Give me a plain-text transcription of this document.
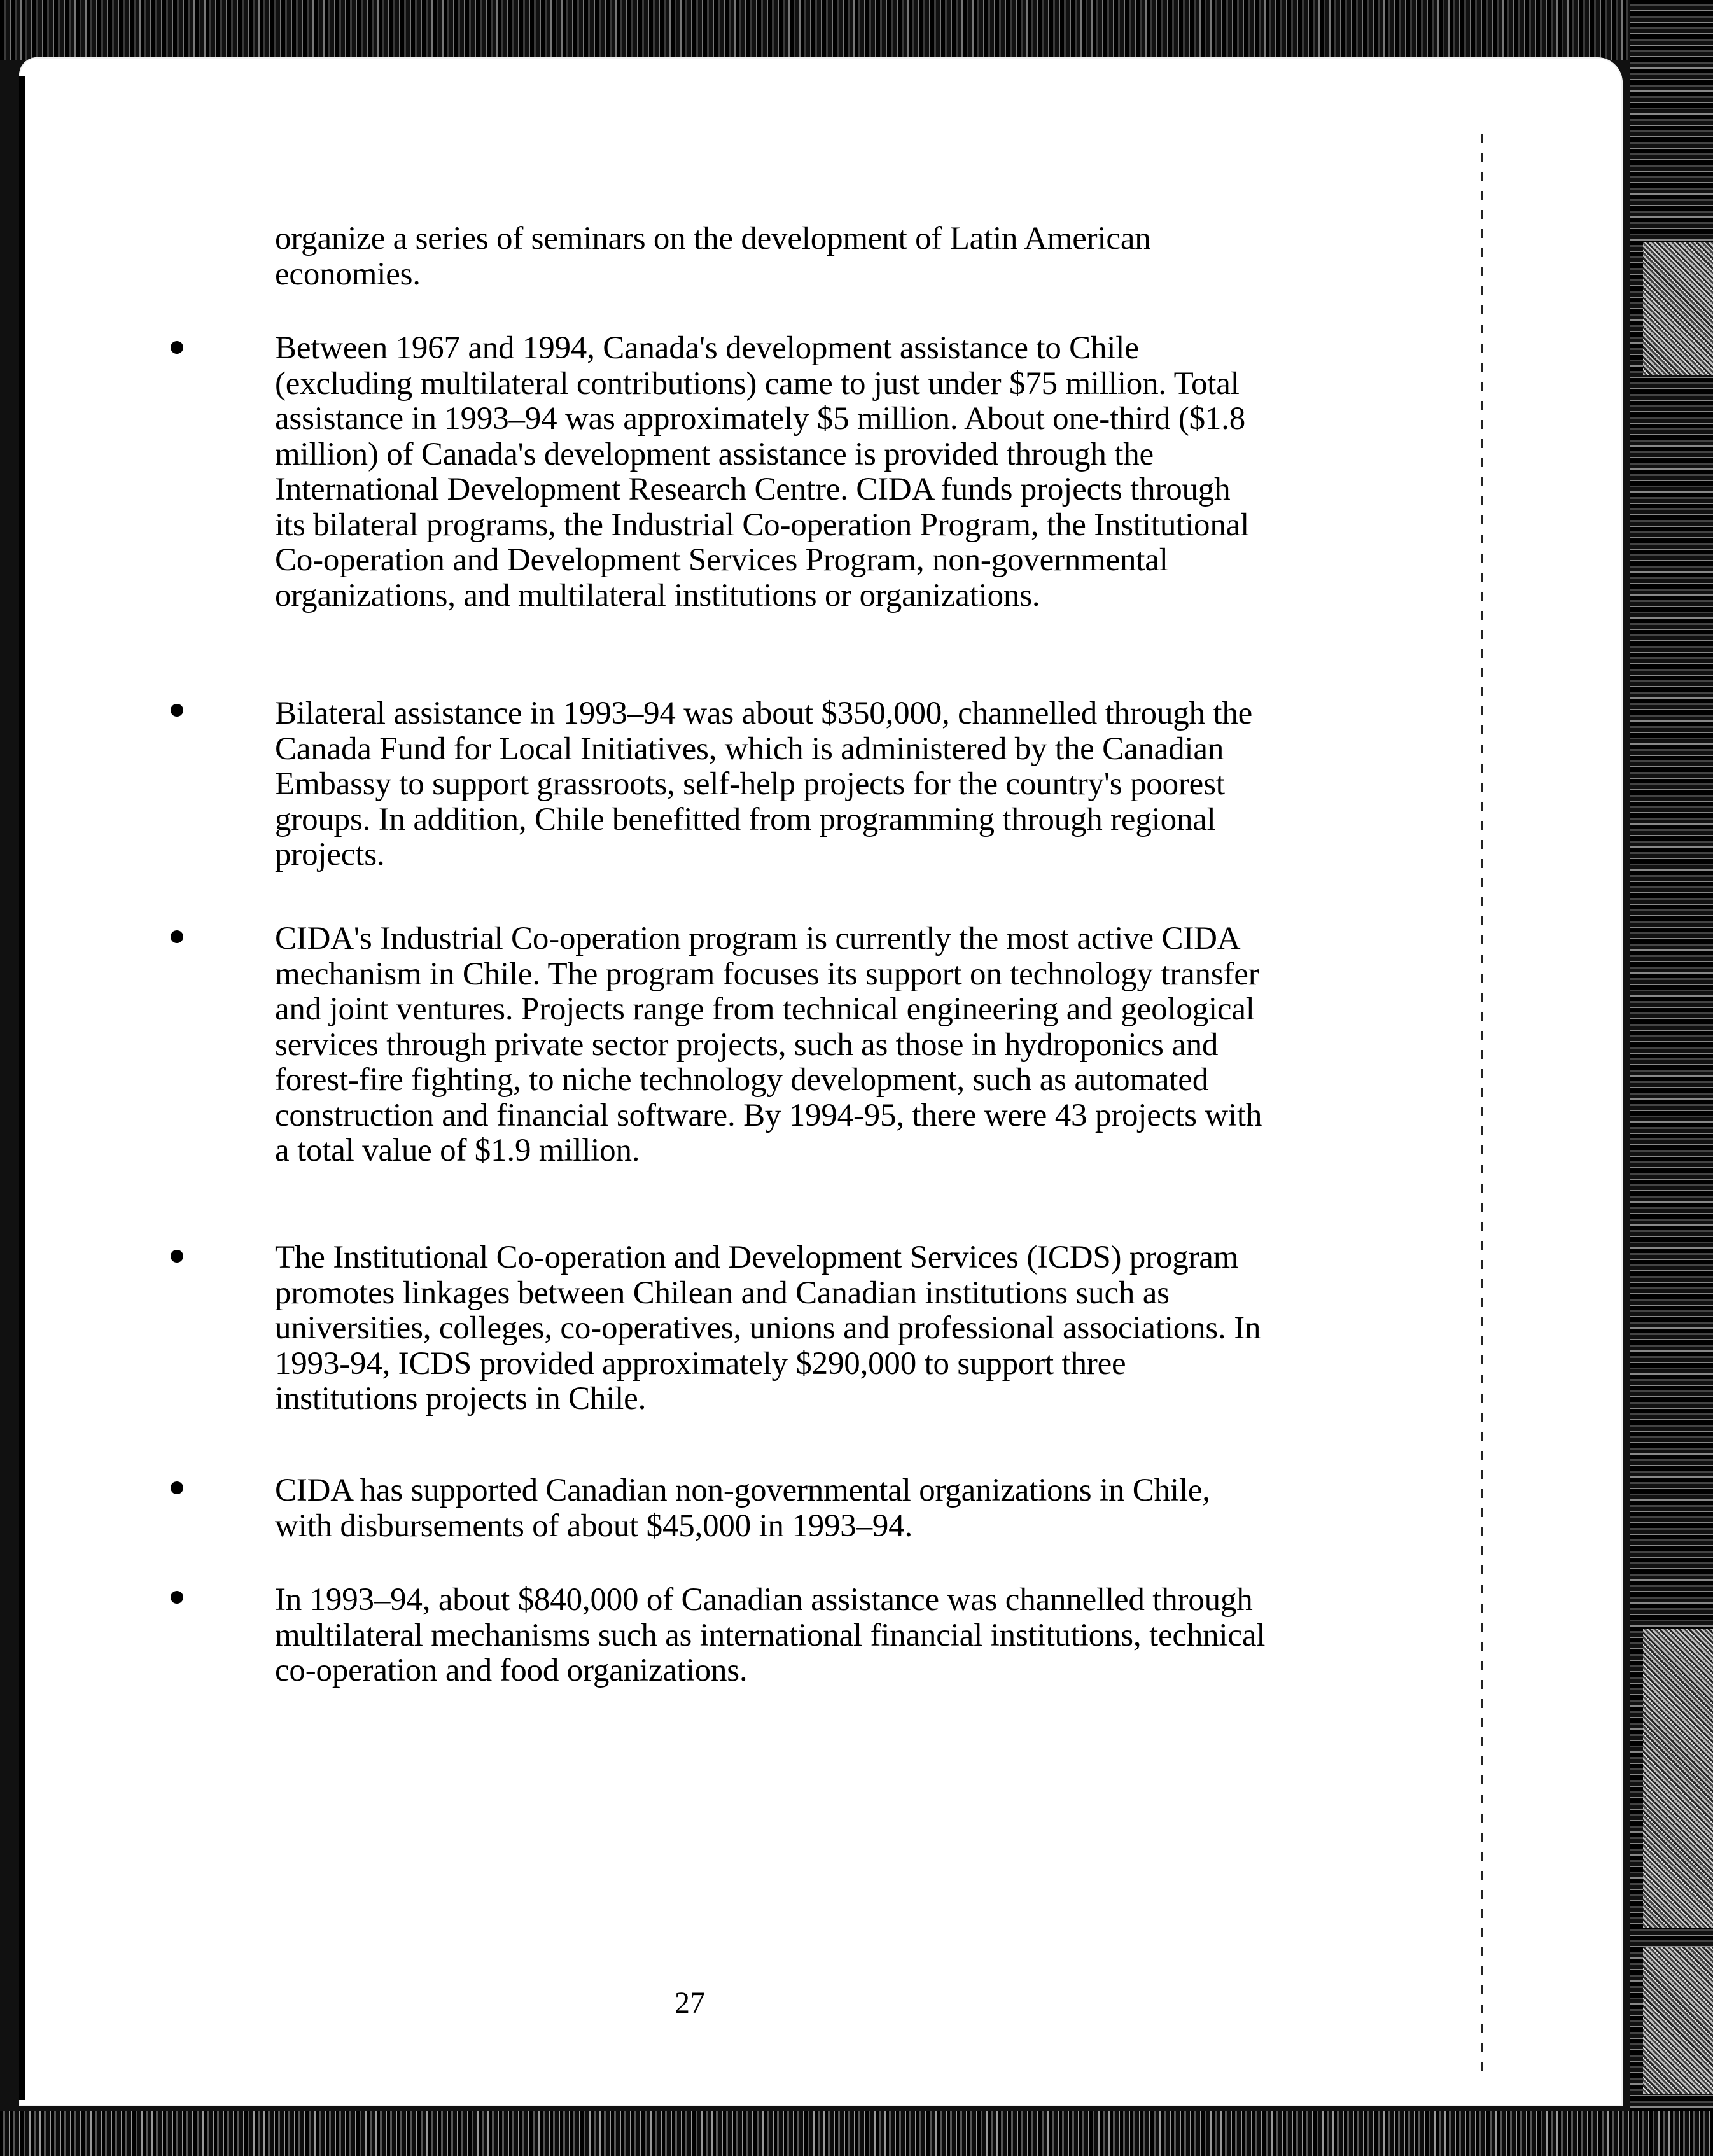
organize a series of seminars on the development of Latin American economies.
Between 1967 and 1994, Canada's development assistance to Chile (excluding multilateral contributions) came to just under $75 million. Total assistance in 1993–94 was approximately $5 million. About one-third ($1.8 million) of Canada's development assistance is provided through the International Development Research Centre. CIDA funds projects through its bilateral programs, the Industrial Co-operation Program, the Institutional Co-operation and Development Services Program, non-governmental organizations, and multilateral institutions or organizations.
Bilateral assistance in 1993–94 was about $350,000, channelled through the Canada Fund for Local Initiatives, which is administered by the Canadian Embassy to support grassroots, self-help projects for the country's poorest groups. In addition, Chile benefitted from programming through regional projects.
CIDA's Industrial Co-operation program is currently the most active CIDA mechanism in Chile. The program focuses its support on technology transfer and joint ventures. Projects range from technical engineering and geological services through private sector projects, such as those in hydroponics and forest-fire fighting, to niche technology development, such as automated construction and financial software. By 1994-95, there were 43 projects with a total value of $1.9 million.
The Institutional Co-operation and Development Services (ICDS) program promotes linkages between Chilean and Canadian institutions such as universities, colleges, co-operatives, unions and professional associations. In 1993-94, ICDS provided approximately $290,000 to support three institutions projects in Chile.
CIDA has supported Canadian non-governmental organizations in Chile, with disbursements of about $45,000 in 1993–94.
In 1993–94, about $840,000 of Canadian assistance was channelled through multilateral mechanisms such as international financial institutions, technical co-operation and food organizations.
27
